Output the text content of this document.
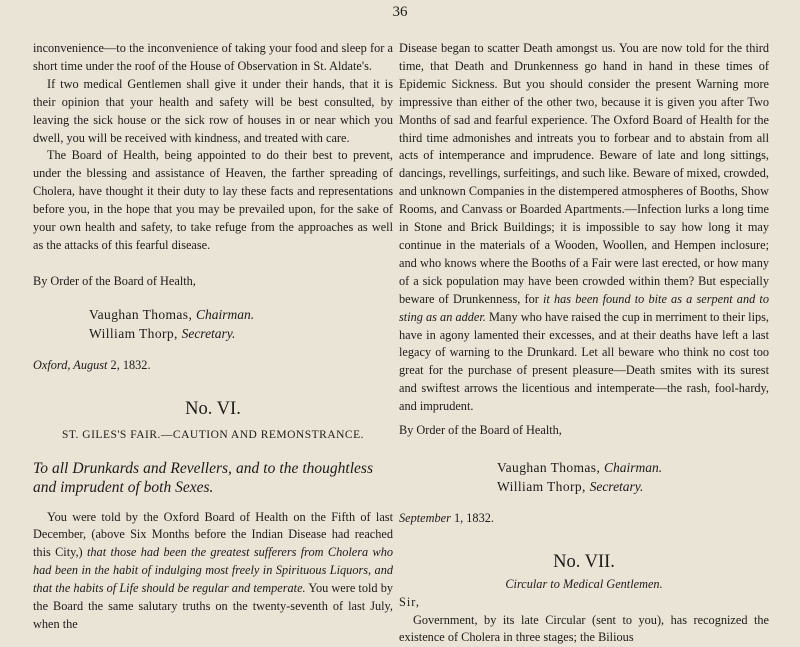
36

inconvenience—to the inconvenience of taking your food and sleep for a short time under the roof of the House of Observation in St. Aldate's.

If two medical Gentlemen shall give it under their hands, that it is their opinion that your health and safety will be best consulted, by leaving the sick house or the sick row of houses in or near which you dwell, you will be received with kindness, and treated with care.

The Board of Health, being appointed to do their best to prevent, under the blessing and assistance of Heaven, the farther spreading of Cholera, have thought it their duty to lay these facts and representations before you, in the hope that you may be prevailed upon, for the sake of your own health and safety, to take refuge from the approaches as well as the attacks of this fearful disease.

By Order of the Board of Health,

Vaughan Thomas, Chairman.

William Thorp, Secretary.

Oxford, August 2, 1832.

No. VI.

ST. GILES'S FAIR.—CAUTION AND REMONSTRANCE.

To all Drunkards and Revellers, and to the thoughtless and imprudent of both Sexes.

You were told by the Oxford Board of Health on the Fifth of last December, (above Six Months before the Indian Disease had reached this City,) that those had been the greatest sufferers from Cholera who had been in the habit of indulging most freely in Spirituous Liquors, and that the habits of Life should be regular and temperate. You were told by the Board the same salutary truths on the twenty-seventh of last July, when the

Disease began to scatter Death amongst us. You are now told for the third time, that Death and Drunkenness go hand in hand in these times of Epidemic Sickness. But you should consider the present Warning more impressive than either of the other two, because it is given you after Two Months of sad and fearful experience. The Oxford Board of Health for the third time admonishes and intreats you to forbear and to abstain from all acts of intemperance and imprudence. Beware of late and long sittings, dancings, revellings, surfeitings, and such like. Beware of mixed, crowded, and unknown Companies in the distempered atmospheres of Booths, Show Rooms, and Canvass or Boarded Apartments.—Infection lurks a long time in Stone and Brick Buildings; it is impossible to say how long it may continue in the materials of a Wooden, Woollen, and Hempen inclosure; and who knows where the Booths of a Fair were last erected, or how many of a sick population may have been crowded within them? But especially beware of Drunkenness, for it has been found to bite as a serpent and to sting as an adder. Many who have raised the cup in merriment to their lips, have in agony lamented their excesses, and at their deaths have left a last legacy of warning to the Drunkard. Let all beware who think no cost too great for the purchase of present pleasure—Death smites with its surest and swiftest arrows the licentious and intemperate—the rash, fool-hardy, and imprudent.

By Order of the Board of Health,

Vaughan Thomas, Chairman.

William Thorp, Secretary.

September 1, 1832.

No. VII.

Circular to Medical Gentlemen.

Sir,

Government, by its late Circular (sent to you), has recognized the existence of Cholera in three stages; the Bilious
